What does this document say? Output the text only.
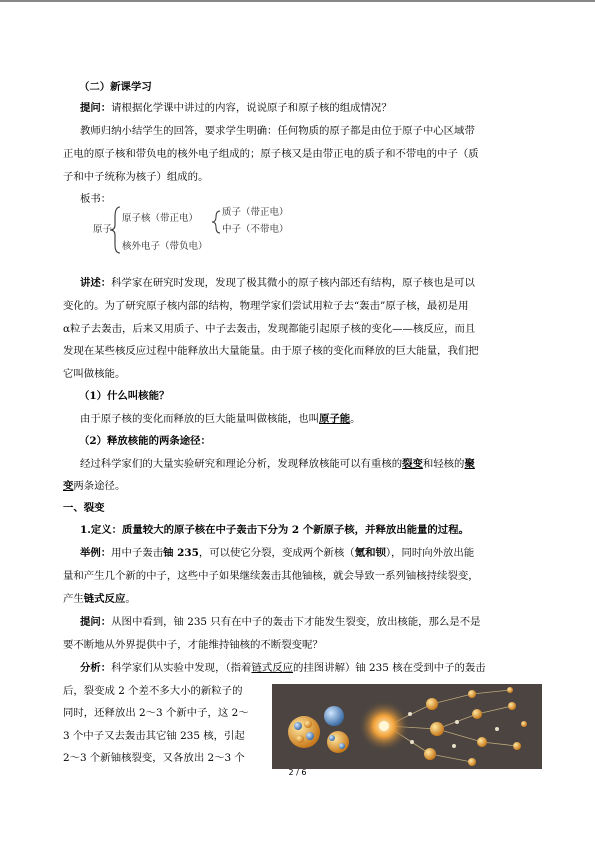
（二）新课学习
提问：请根据化学课中讲过的内容，说说原子和原子核的组成情况？
教师归纳小结学生的回答，要求学生明确：任何物质的原子都是由位于原子中心区域带
正电的原子核和带负电的核外电子组成的；原子核又是由带正电的质子和不带电的中子（质
子和中子统称为核子）组成的。
板书：
原子
原子核（带正电）
质子（带正电）
中子（不带电）
核外电子（带负电）
讲述：科学家在研究时发现，发现了极其微小的原子核内部还有结构，原子核也是可以
变化的。为了研究原子核内部的结构，物理学家们尝试用粒子去“轰击”原子核，最初是用
α粒子去轰击，后来又用质子、中子去轰击，发现都能引起原子核的变化——核反应，而且
发现在某些核反应过程中能释放出大量能量。由于原子核的变化而释放的巨大能量，我们把
它叫做核能。
（1）什么叫核能？
由于原子核的变化而释放的巨大能量叫做核能，也叫原子能。
（2）释放核能的两条途径：
经过科学家们的大量实验研究和理论分析，发现释放核能可以有重核的裂变和轻核的聚
变两条途径。
一、裂变
1.定义：质量较大的原子核在中子轰击下分为 2 个新原子核，并释放出能量的过程。
举例：用中子轰击铀 235，可以使它分裂，变成两个新核（氪和钡），同时向外放出能
量和产生几个新的中子，这些中子如果继续轰击其他铀核，就会导致一系列铀核持续裂变，
产生链式反应。
提问：从图中看到，铀 235 只有在中子的轰击下才能发生裂变，放出核能，那么是不是
要不断地从外界提供中子，才能维持铀核的不断裂变呢？
分析：科学家们从实验中发现，（指着链式反应的挂图讲解）铀 235 核在受到中子的轰击
后，裂变成 2 个差不多大小的新粒子的
同时，还释放出 2～3 个新中子，这 2～
3 个中子又去轰击其它铀 235 核，引起
2～3 个新铀核裂变，又各放出 2～3 个
2 / 6
